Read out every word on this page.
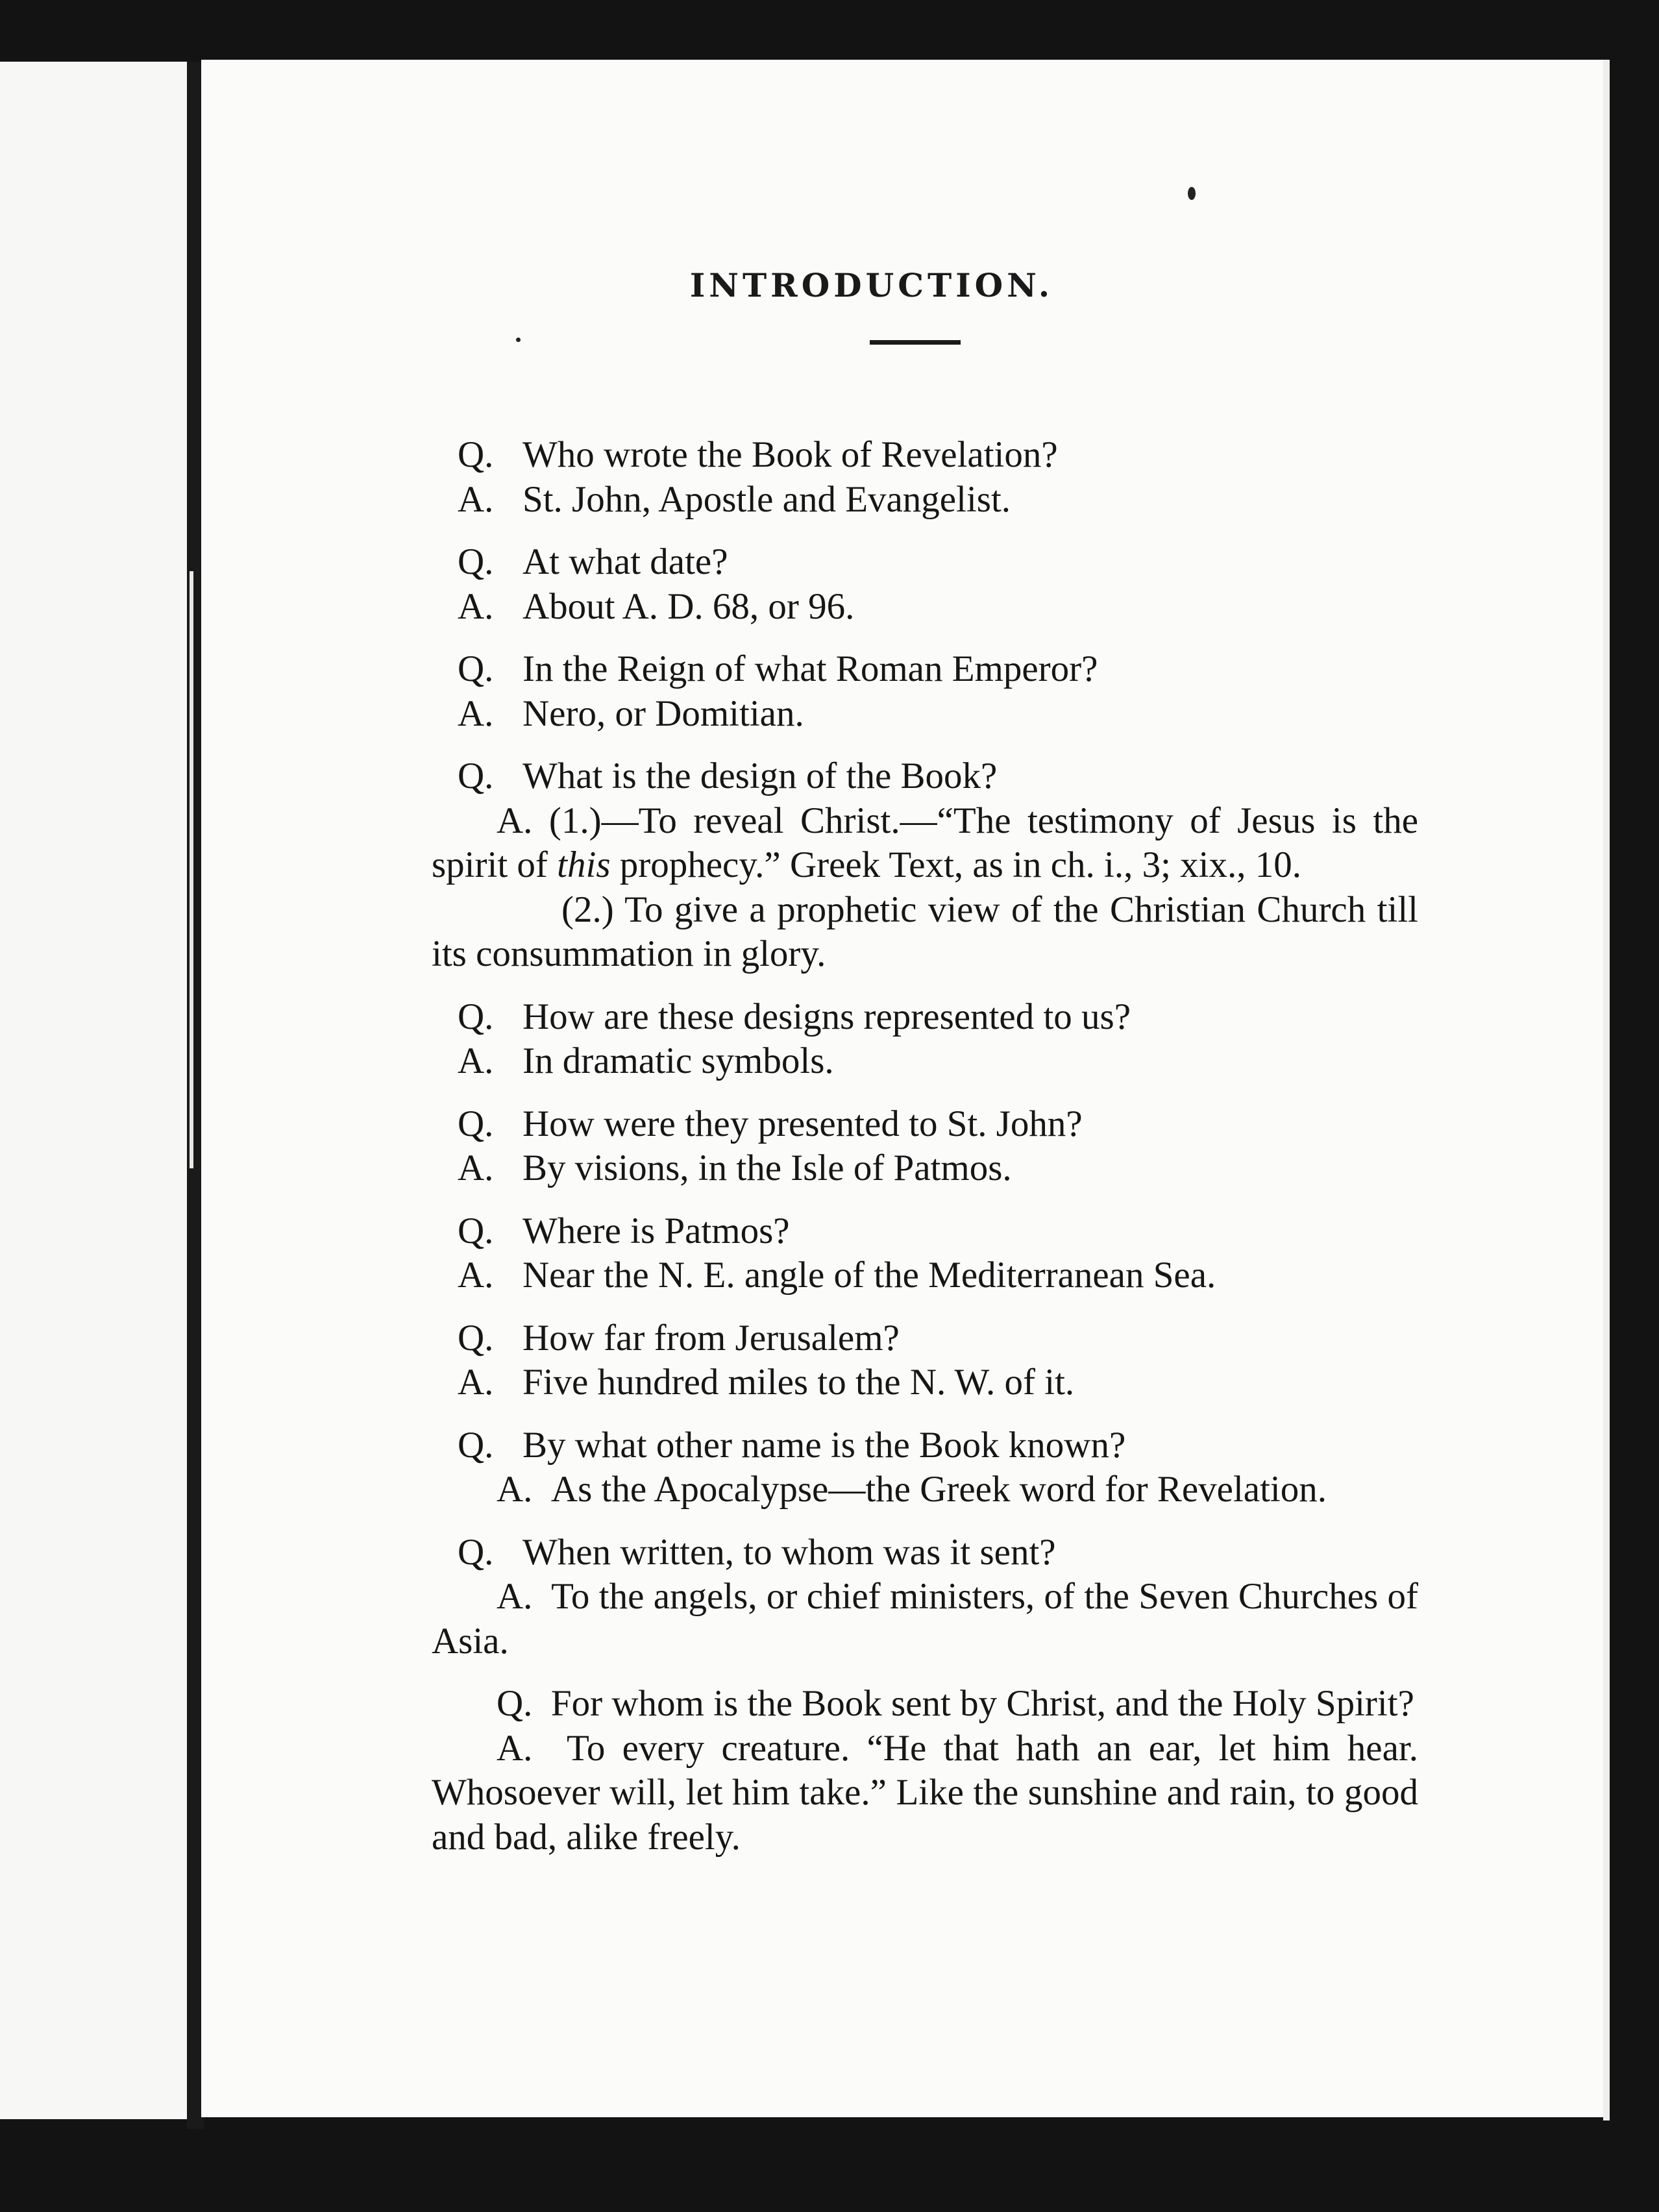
INTRODUCTION.
Q. Who wrote the Book of Revelation?
A. St. John, Apostle and Evangelist.
Q. At what date?
A. About A. D. 68, or 96.
Q. In the Reign of what Roman Emperor?
A. Nero, or Domitian.
Q. What is the design of the Book?
A. (1.)—To reveal Christ.—“The testimony of Jesus is the spirit of this prophecy.” Greek Text, as in ch. i., 3; xix., 10.
(2.) To give a prophetic view of the Christian Church till its consummation in glory.
Q. How are these designs represented to us?
A. In dramatic symbols.
Q. How were they presented to St. John?
A. By visions, in the Isle of Patmos.
Q. Where is Patmos?
A. Near the N. E. angle of the Mediterranean Sea.
Q. How far from Jerusalem?
A. Five hundred miles to the N. W. of it.
Q. By what other name is the Book known?
A. As the Apocalypse—the Greek word for Revelation.
Q. When written, to whom was it sent?
A. To the angels, or chief ministers, of the Seven Churches of Asia.
Q. For whom is the Book sent by Christ, and the Holy Spirit?
A. To every creature. “He that hath an ear, let him hear. Whosoever will, let him take.” Like the sunshine and rain, to good and bad, alike freely.
